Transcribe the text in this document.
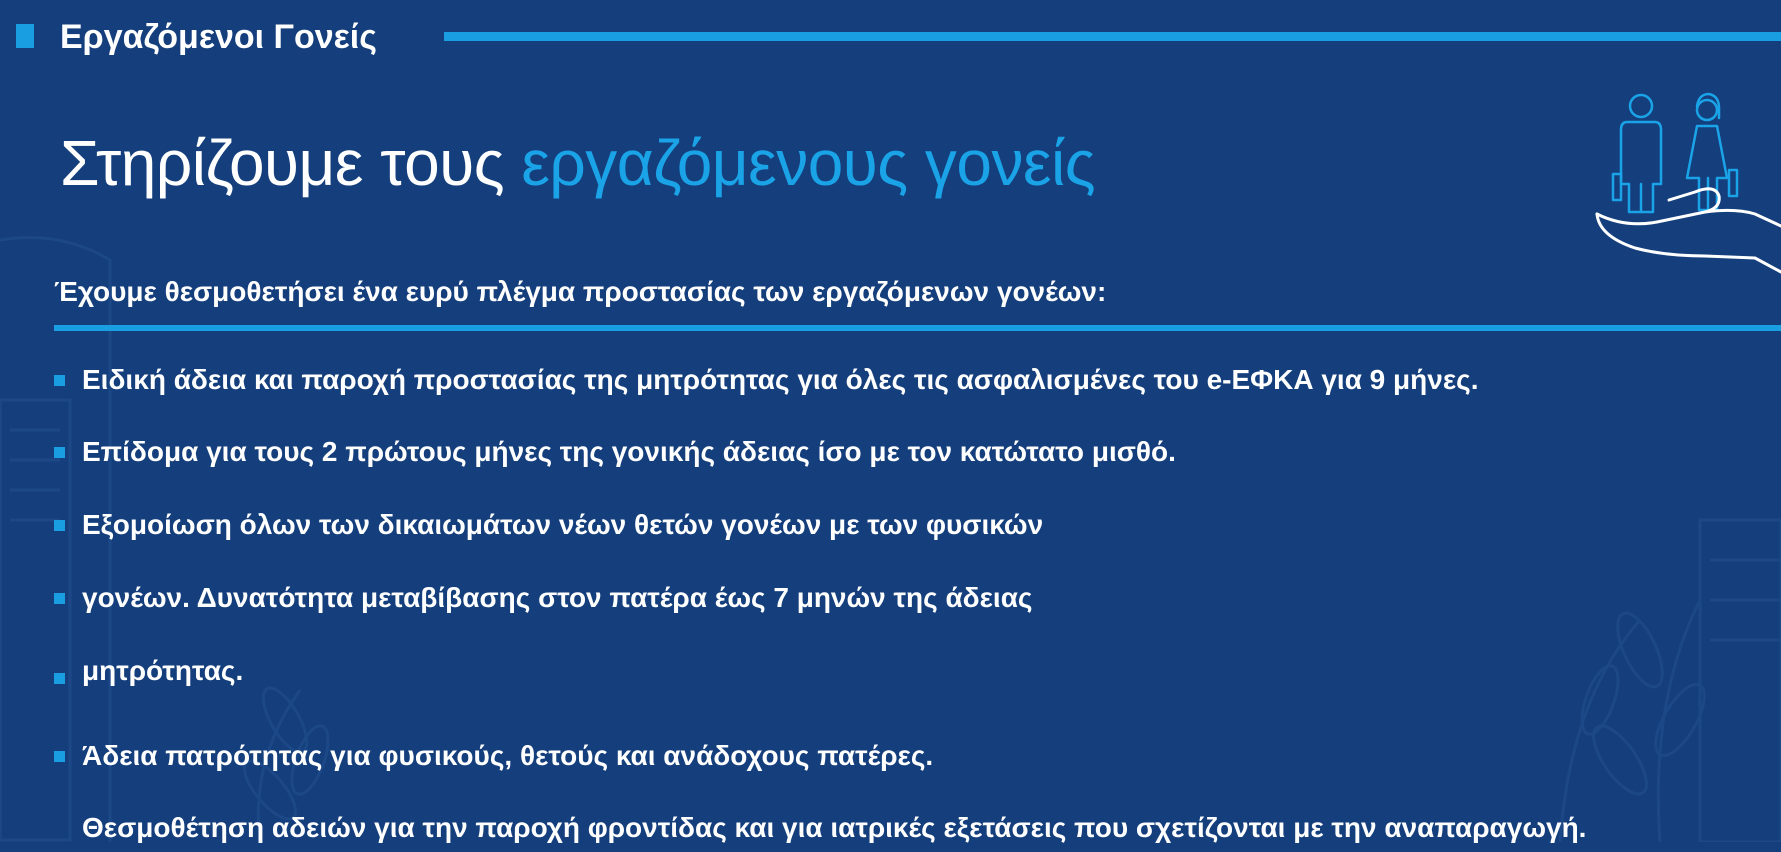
Εργαζόμενοι Γονείς
Στηρίζουμε τους εργαζόμενους γονείς
Έχουμε θεσμοθετήσει ένα ευρύ πλέγμα προστασίας των εργαζόμενων γονέων:
Ειδική άδεια και παροχή προστασίας της μητρότητας για όλες τις ασφαλισμένες του e-ΕΦΚΑ για 9 μήνες.
Επίδομα για τους 2 πρώτους μήνες της γονικής άδειας ίσο με τον κατώτατο μισθό.
Εξομοίωση όλων των δικαιωμάτων νέων θετών γονέων με των φυσικών
γονέων. Δυνατότητα μεταβίβασης στον πατέρα έως 7 μηνών της άδειας
μητρότητας.
Άδεια πατρότητας για φυσικούς, θετούς και ανάδοχους πατέρες.
Θεσμοθέτηση αδειών για την παροχή φροντίδας και για ιατρικές εξετάσεις που σχετίζονται με την αναπαραγωγή.
